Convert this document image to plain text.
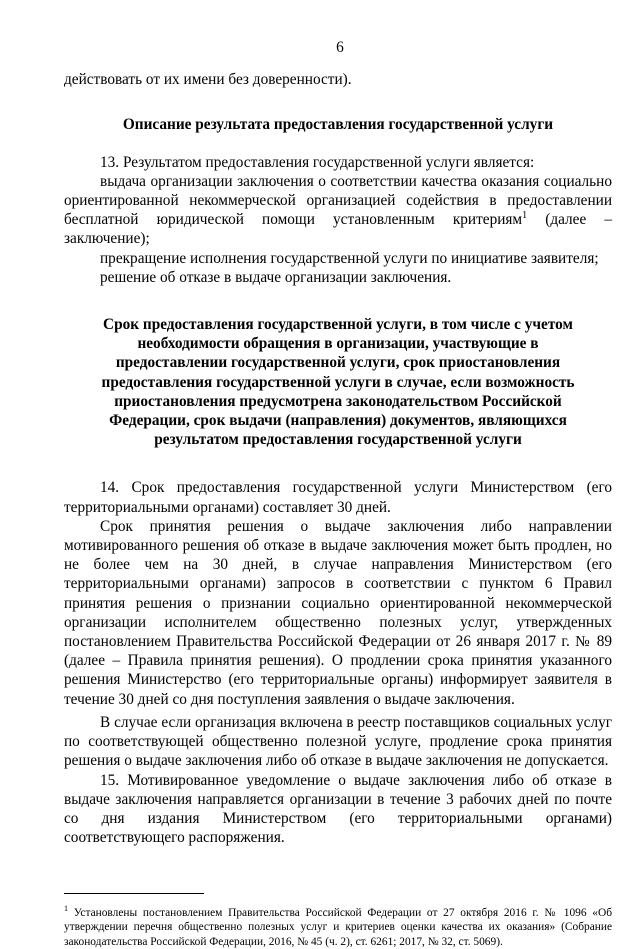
6

действовать от их имени без доверенности).

Описание результата предоставления государственной услуги

13. Результатом предоставления государственной услуги является:

выдача организации заключения о соответствии качества оказания социально ориентированной некоммерческой организацией содействия в предоставлении бесплатной юридической помощи установленным критериям$^1$ (далее – заключение);

прекращение исполнения государственной услуги по инициативе заявителя;

решение об отказе в выдаче организации заключения.

Срок предоставления государственной услуги, в том числе с учетом необходимости обращения в организации, участвующие в предоставлении государственной услуги, срок приостановления предоставления государственной услуги в случае, если возможность приостановления предусмотрена законодательством Российской Федерации, срок выдачи (направления) документов, являющихся результатом предоставления государственной услуги

14. Срок предоставления государственной услуги Министерством (его территориальными органами) составляет 30 дней.

Срок принятия решения о выдаче заключения либо направлении мотивированного решения об отказе в выдаче заключения может быть продлен, но не более чем на 30 дней, в случае направления Министерством (его территориальными органами) запросов в соответствии с пунктом 6 Правил принятия решения о признании социально ориентированной некоммерческой организации исполнителем общественно полезных услуг, утвержденных постановлением Правительства Российской Федерации от 26 января 2017 г. № 89 (далее – Правила принятия решения). О продлении срока принятия указанного решения Министерство (его территориальные органы) информирует заявителя в течение 30 дней со дня поступления заявления о выдаче заключения.

В случае если организация включена в реестр поставщиков социальных услуг по соответствующей общественно полезной услуге, продление срока принятия решения о выдаче заключения либо об отказе в выдаче заключения не допускается.

15. Мотивированное уведомление о выдаче заключения либо об отказе в выдаче заключения направляется организации в течение 3 рабочих дней по почте со дня издания Министерством (его территориальными органами) соответствующего распоряжения.

$^1$ Установлены постановлением Правительства Российской Федерации от 27 октября 2016 г. № 1096 «Об утверждении перечня общественно полезных услуг и критериев оценки качества их оказания» (Собрание законодательства Российской Федерации, 2016, № 45 (ч. 2), ст. 6261; 2017, № 32, ст. 5069).
